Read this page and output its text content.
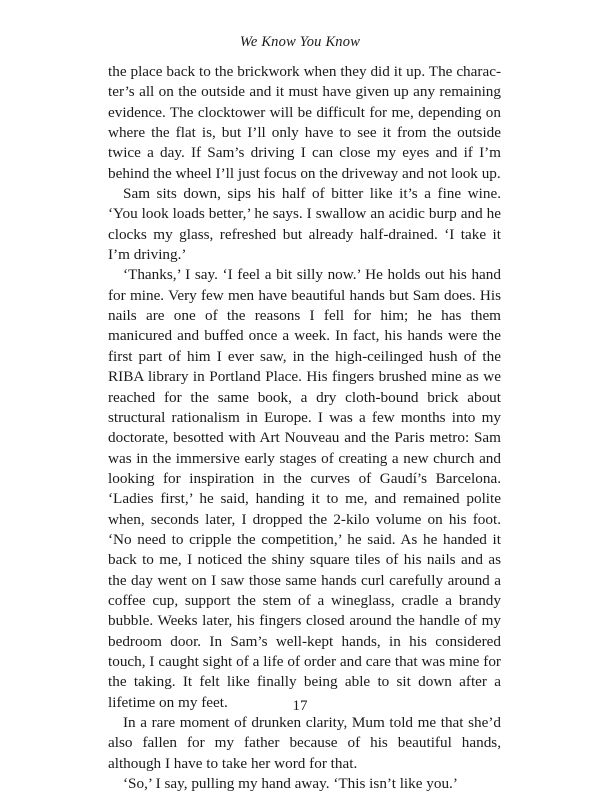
We Know You Know

the place back to the brickwork when they did it up. The character’s all on the outside and it must have given up any remaining evidence. The clocktower will be difficult for me, depending on where the flat is, but I’ll only have to see it from the outside twice a day. If Sam’s driving I can close my eyes and if I’m behind the wheel I’ll just focus on the driveway and not look up.

Sam sits down, sips his half of bitter like it’s a fine wine. ‘You look loads better,’ he says. I swallow an acidic burp and he clocks my glass, refreshed but already half-drained. ‘I take it I’m driving.’

‘Thanks,’ I say. ‘I feel a bit silly now.’ He holds out his hand for mine. Very few men have beautiful hands but Sam does. His nails are one of the reasons I fell for him; he has them manicured and buffed once a week. In fact, his hands were the first part of him I ever saw, in the high-ceilinged hush of the RIBA library in Portland Place. His fingers brushed mine as we reached for the same book, a dry cloth-bound brick about structural rationalism in Europe. I was a few months into my doctorate, besotted with Art Nouveau and the Paris metro: Sam was in the immersive early stages of creating a new church and looking for inspiration in the curves of Gaudí’s Barcelona. ‘Ladies first,’ he said, handing it to me, and remained polite when, seconds later, I dropped the 2-kilo volume on his foot. ‘No need to cripple the competition,’ he said. As he handed it back to me, I noticed the shiny square tiles of his nails and as the day went on I saw those same hands curl carefully around a coffee cup, support the stem of a wineglass, cradle a brandy bubble. Weeks later, his fingers closed around the handle of my bedroom door. In Sam’s well-kept hands, in his considered touch, I caught sight of a life of order and care that was mine for the taking. It felt like finally being able to sit down after a lifetime on my feet.

In a rare moment of drunken clarity, Mum told me that she’d also fallen for my father because of his beautiful hands, although I have to take her word for that.

‘So,’ I say, pulling my hand away. ‘This isn’t like you.’

17
